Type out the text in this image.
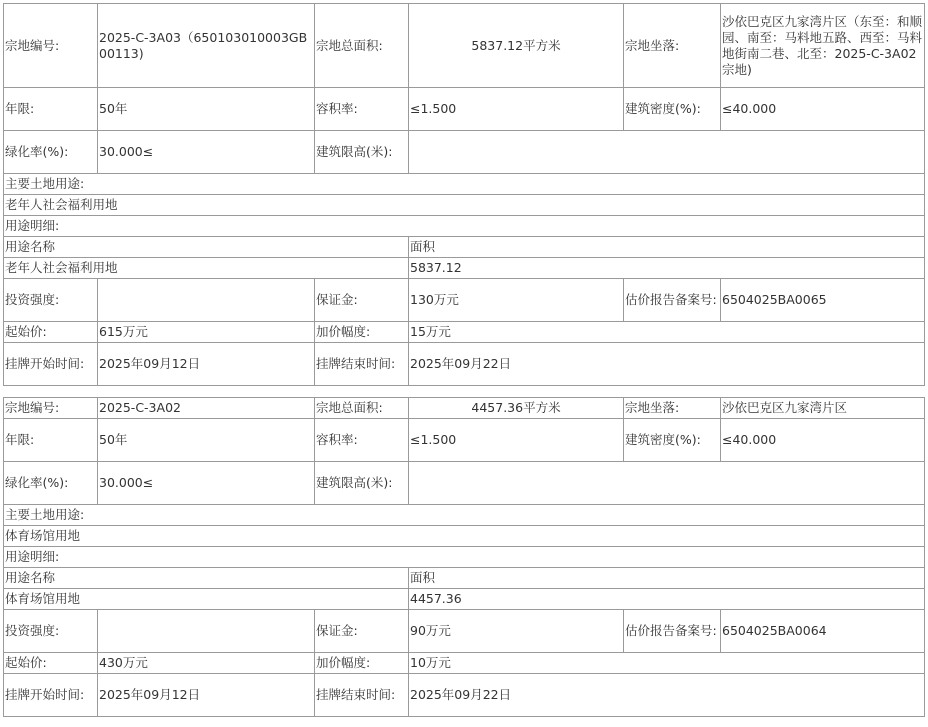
宗地编号:	2025-C-3A03（650103010003GB00113)	宗地总面积:	5837.12平方米	宗地坐落:	沙依巴克区九家湾片区（东至：和顺园、南至：马料地五路、西至：马料地街南二巷、北至：2025-C-3A02宗地)
年限:	50年	容积率:	≤1.500	建筑密度(%):	≤40.000
绿化率(%):	30.000≤	建筑限高(米):			
主要土地用途:					
老年人社会福利用地					
用途明细:					
用途名称			面积		
老年人社会福利用地			5837.12		
投资强度:		保证金:	130万元	估价报告备案号:	6504025BA0065
起始价:	615万元	加价幅度:	15万元		
挂牌开始时间:	2025年09月12日	挂牌结束时间:	2025年09月22日		
宗地编号:	2025-C-3A02	宗地总面积:	4457.36平方米	宗地坐落:	沙依巴克区九家湾片区
年限:	50年	容积率:	≤1.500	建筑密度(%):	≤40.000
绿化率(%):	30.000≤	建筑限高(米):			
主要土地用途:					
体育场馆用地					
用途明细:					
用途名称			面积		
体育场馆用地			4457.36		
投资强度:		保证金:	90万元	估价报告备案号:	6504025BA0064
起始价:	430万元	加价幅度:	10万元		
挂牌开始时间:	2025年09月12日	挂牌结束时间:	2025年09月22日		
